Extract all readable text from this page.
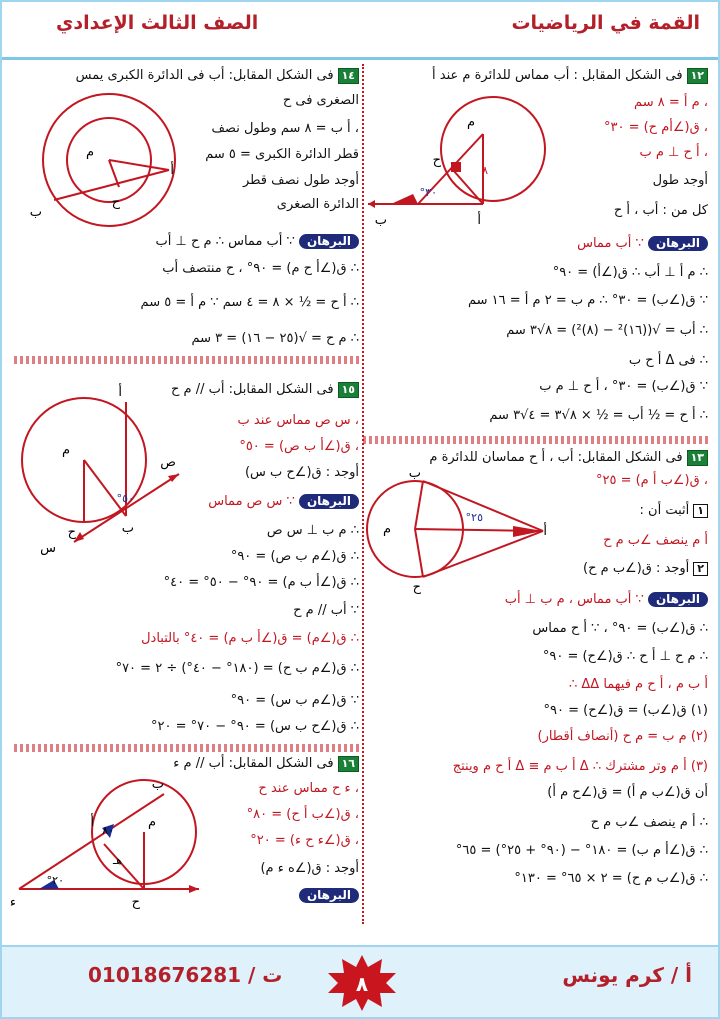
القمة في الرياضيات
الصف الثالث الإعدادي
١٢فى الشكل المقابل : أب مماس للدائرة م عند أ
، م أ = ٨ سم
، ق(∠أم ح) = ٣٠°
، أ ح ⊥ م ب
أوجد طول
كل من : أب ، أ ح
٣٠°
٨
م
ح
ب	أ
البرهان ∵ أب مماس
∴ م أ ⊥ أب ∴ ق(∠أ) = ٩٠°
∵ ق(∠ب) = ٣٠° ∴ م ب = ٢ م أ = ١٦ سم
∴ أب = √((١٦)² − (٨)²) = ٨√٣ سم
∴ فى Δ أ ح ب
∵ ق(∠ب) = ٣٠° ، أ ح ⊥ م ب
∴ أ ح = ½ أب = ½ × ٨√٣ = ٤√٣ سم
١٣فى الشكل المقابل: أب ، أ ح مماسان للدائرة م
، ق(∠ب أ م) = ٢٥°
١أثبت أن :
أ م ينصف ∠ب م ح
٢أوجد : ق(∠ب م ح)
٢٥°
م	أ
ب
ح
البرهان ∵ أب مماس ، م ب ⊥ أب
∴ ق(∠ب) = ٩٠° ، ∵ أ ح مماس
∴ م ح ⊥ أ ح ∴ ق(∠ح) = ٩٠°
∴ ΔΔ أ ب م ، أ ح م فيهما
(١) ق(∠ب) = ق(∠ح) = ٩٠°
(٢) م ب = م ح (أنصاف أقطار)
(٣) أ م وتر مشترك ∴ Δ أ ب م ≡ Δ أ ح م وينتج
أن ق(∠ب م أ) = ق(∠ح م أ)
∴ أ م ينصف ∠ب م ح
∴ ق(∠أ م ب) = ١٨٠° − (٩٠° + ٢٥°) = ٦٥°
∴ ق(∠ب م ح) = ٢ × ٦٥° = ١٣٠°
١٤فى الشكل المقابل: أب فى الدائرة الكبرى يمس
الصغرى فى ح
، أ ب = ٨ سم وطول نصف
قطر الدائرة الكبرى = ٥ سم
أوجد طول نصف قطر
الدائرة الصغرى
م
أ
ب
ح
البرهان ∵ أب مماس ∴ م ح ⊥ أب
∴ ق(∠أ ح م) = ٩٠° ، ح منتصف أب
∴ أ ح = ½ × ٨ = ٤ سم ∵ م أ = ٥ سم
∴ م ح = √(٢٥ − ١٦) = ٣ سم
١٥فى الشكل المقابل: أب // م ح
، س ص مماس عند ب
، ق(∠أ ب ص) = ٥٠°
أوجد : ق(∠ح ب س)
٥٠°
أ
م
ح	ب
س
ص
البرهان ∵ س ص مماس
∴ م ب ⊥ س ص
∴ ق(∠م ب ص) = ٩٠°
∴ ق(∠أ ب م) = ٩٠° − ٥٠° = ٤٠°
∵ أب // م ح
∴ ق(∠م) = ق(∠أ ب م) = ٤٠° بالتبادل
∴ ق(∠م ب ح) = (١٨٠° − ٤٠°) ÷ ٢ = ٧٠°
∵ ق(∠م ب س) = ٩٠°
∴ ق(∠ح ب س) = ٩٠° − ٧٠° = ٢٠°
١٦فى الشكل المقابل: أب // م ء
، ء ح مماس عند ح
، ق(∠ب أ ح) = ٨٠°
، ق(∠ء ح ء) = ٢٠°
أوجد : ق(∠ه ء م)
البرهان
٢٠°
٨٠
أ
ب
م
ح
ء
هـ
أ / كرم يونس
ت / 01018676281	٨
